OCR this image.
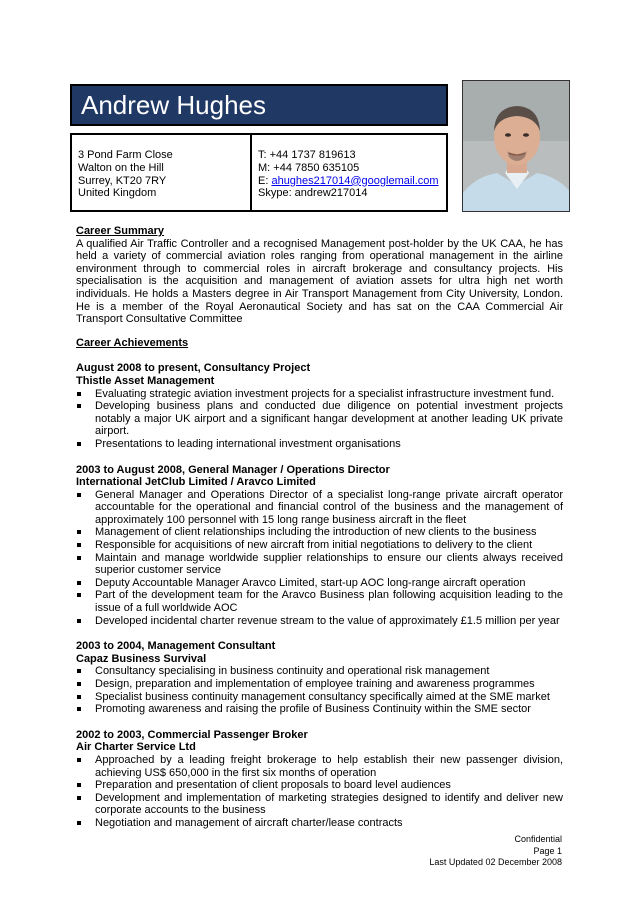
Andrew Hughes
3 Pond Farm Close
Walton on the Hill
Surrey, KT20 7RY
United Kingdom
T: +44 1737 819613
M: +44 7850 635105
E: ahughes217014@googlemail.com
Skype: andrew217014
Career Summary
A qualified Air Traffic Controller and a recognised Management post-holder by the UK CAA, he has held a variety of commercial aviation roles ranging from operational management in the airline environment through to commercial roles in aircraft brokerage and consultancy projects. His specialisation is the acquisition and management of aviation assets for ultra high net worth individuals. He holds a Masters degree in Air Transport Management from City University, London. He is a member of the Royal Aeronautical Society and has sat on the CAA Commercial Air Transport Consultative Committee
Career Achievements
August 2008 to present, Consultancy Project
Thistle Asset Management
Evaluating strategic aviation investment projects for a specialist infrastructure investment fund.
Developing business plans and conducted due diligence on potential investment projects notably a major UK airport and a significant hangar development at another leading UK private airport.
Presentations to leading international investment organisations
2003 to August 2008, General Manager / Operations Director
International JetClub Limited / Aravco Limited
General Manager and Operations Director of a specialist long-range private aircraft operator accountable for the operational and financial control of the business and the management of approximately 100 personnel with 15 long range business aircraft in the fleet
Management of client relationships including the introduction of new clients to the business
Responsible for acquisitions of new aircraft from initial negotiations to delivery to the client
Maintain and manage worldwide supplier relationships to ensure our clients always received superior customer service
Deputy Accountable Manager Aravco Limited, start-up AOC long-range aircraft operation
Part of the development team for the Aravco Business plan following acquisition leading to the issue of a full worldwide AOC
Developed incidental charter revenue stream to the value of approximately £1.5 million per year
2003 to 2004, Management Consultant
Capaz Business Survival
Consultancy specialising in business continuity and operational risk management
Design, preparation and implementation of employee training and awareness programmes
Specialist business continuity management consultancy specifically aimed at the SME market
Promoting awareness and raising the profile of Business Continuity within the SME sector
2002 to 2003, Commercial Passenger Broker
Air Charter Service Ltd
Approached by a leading freight brokerage to help establish their new passenger division, achieving US$ 650,000 in the first six months of operation
Preparation and presentation of client proposals to board level audiences
Development and implementation of marketing strategies designed to identify and deliver new corporate accounts to the business
Negotiation and management of aircraft charter/lease contracts
Confidential
Page 1
Last Updated 02 December 2008
